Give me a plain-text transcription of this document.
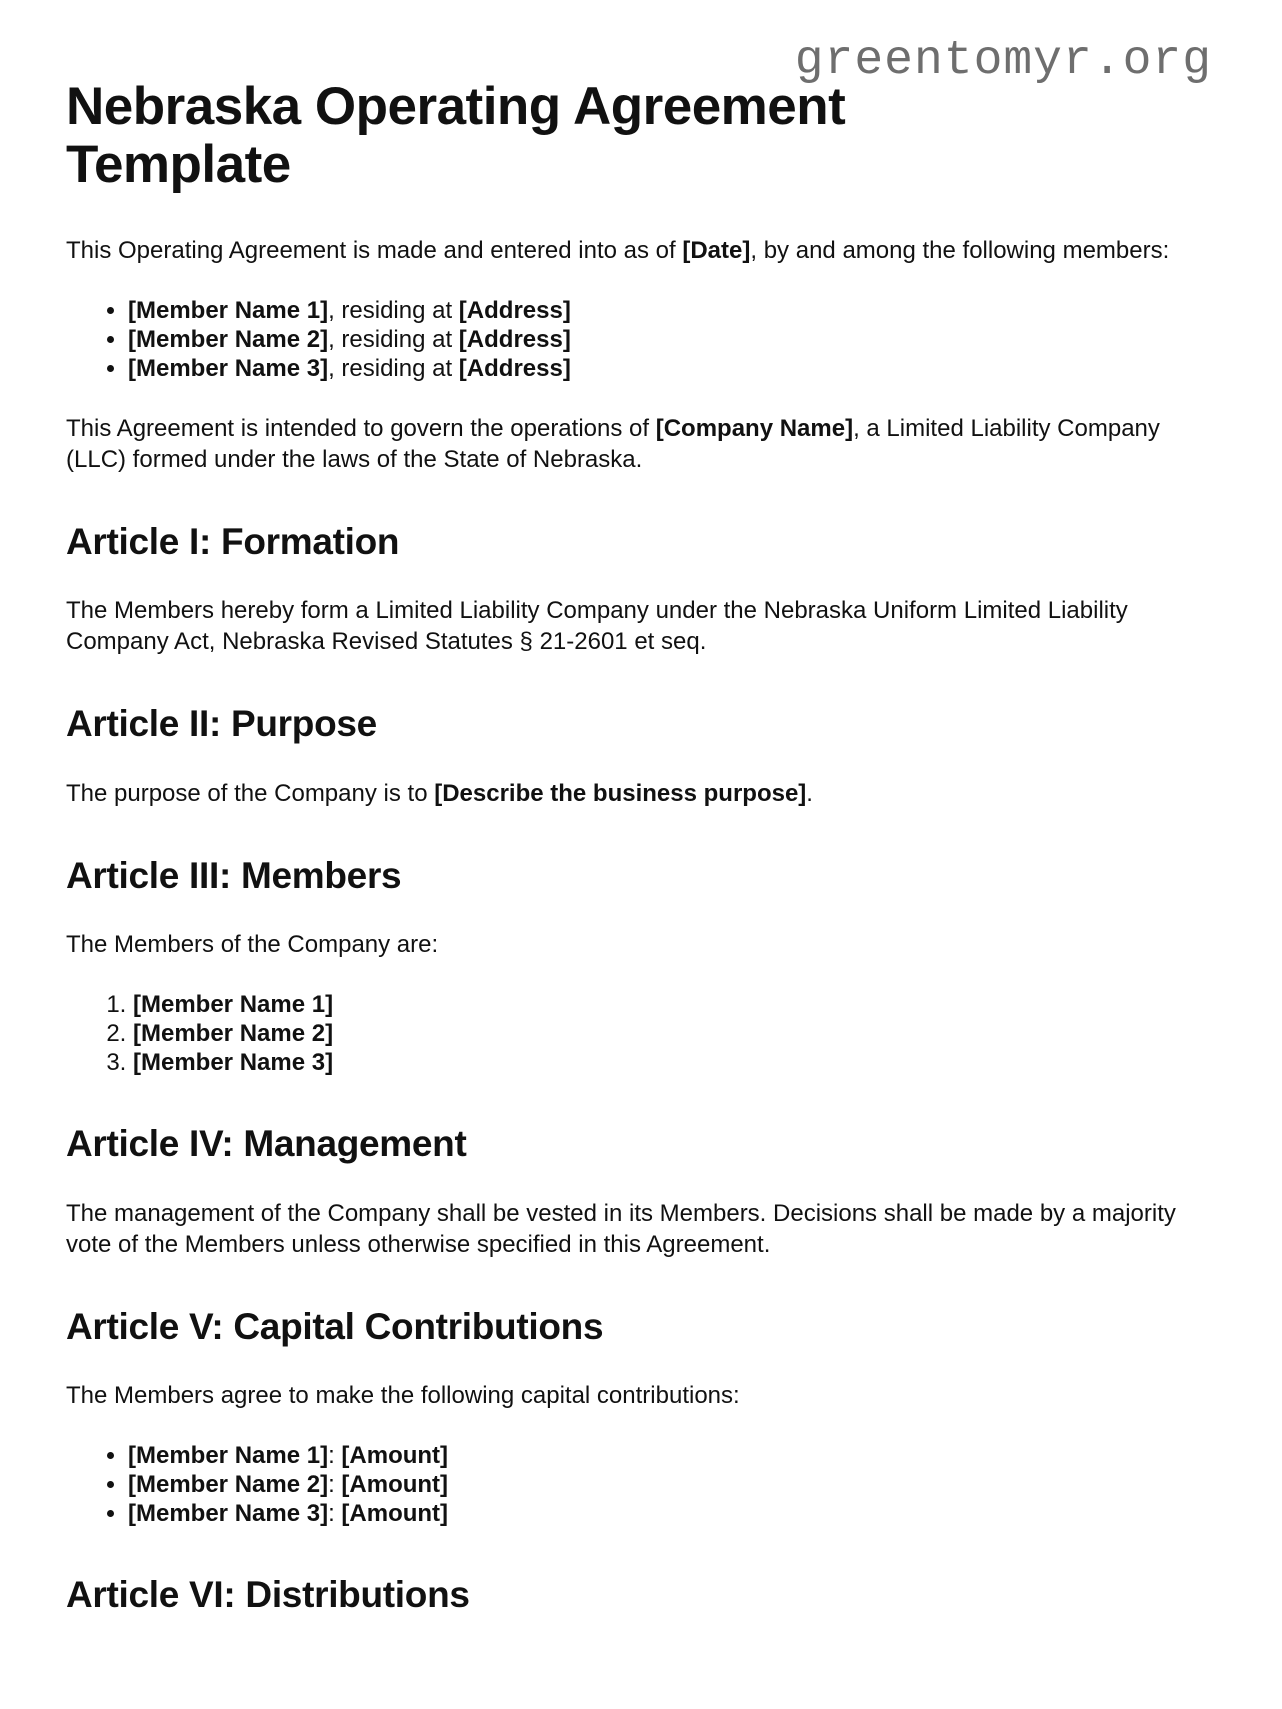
greentomyr.org
Nebraska Operating Agreement Template

This Operating Agreement is made and entered into as of [Date], by and among the following members:

• [Member Name 1], residing at [Address]
• [Member Name 2], residing at [Address]
• [Member Name 3], residing at [Address]

This Agreement is intended to govern the operations of [Company Name], a Limited Liability Company (LLC) formed under the laws of the State of Nebraska.

Article I: Formation

The Members hereby form a Limited Liability Company under the Nebraska Uniform Limited Liability Company Act, Nebraska Revised Statutes § 21-2601 et seq.

Article II: Purpose

The purpose of the Company is to [Describe the business purpose].

Article III: Members

The Members of the Company are:

1. [Member Name 1]
2. [Member Name 2]
3. [Member Name 3]
Article IV: Management

The management of the Company shall be vested in its Members. Decisions shall be made by a majority vote of the Members unless otherwise specified in this Agreement.

Article V: Capital Contributions

The Members agree to make the following capital contributions:

• [Member Name 1]: [Amount]
• [Member Name 2]: [Amount]
• [Member Name 3]: [Amount]
Article VI: Distributions
